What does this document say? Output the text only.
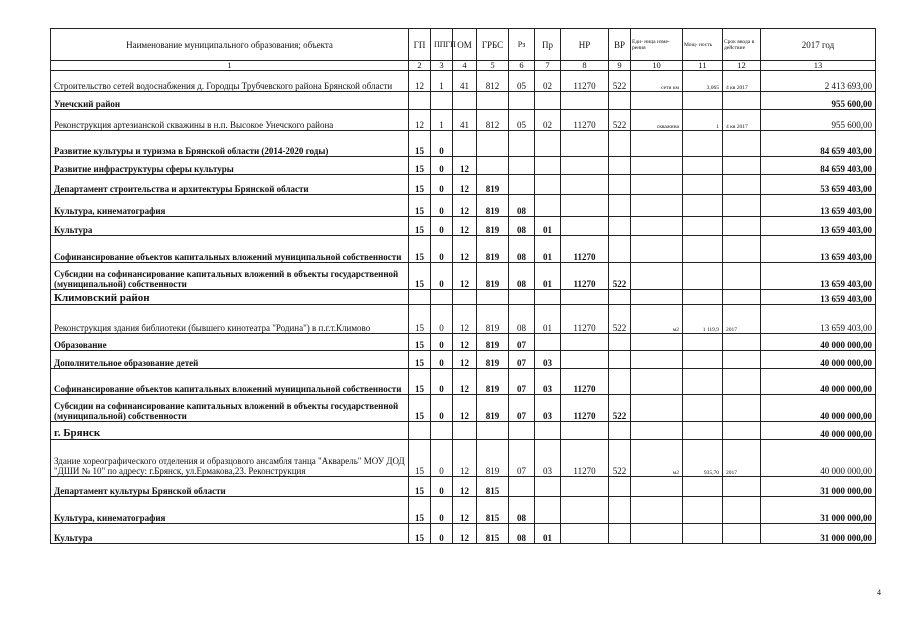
Наименование муниципального образования; объекта	ГП	ППГП	ОМ	ГРБС	Рз	Пр	НР	ВР	Еди- ница изме- рения	Мощ- ность	Срок ввода в действие	2017 год
1	2	3	4	5	6	7	8	9	10	11	12	13
Строительство сетей водоснабжения д. Городцы Трубчевского района Брянской области	12	1	41	812	05	02	11270	522	сети км	3,065	4 кв 2017	2 413 693,00
Унечский район												955 600,00
Реконструкция артезианской скважины в н.п. Высокое Унечского района	12	1	41	812	05	02	11270	522	скважина	1	4 кв 2017	955 600,00
Развитие культуры и туризма в Брянской области (2014-2020 годы)	15	0										84 659 403,00
Развитие инфраструктуры сферы культуры	15	0	12									84 659 403,00
Департамент строительства и архитектуры Брянской области	15	0	12	819								53 659 403,00
Культура, кинематография	15	0	12	819	08							13 659 403,00
Культура	15	0	12	819	08	01						13 659 403,00
Софинансирование объектов капитальных вложений муниципальной собственности	15	0	12	819	08	01	11270					13 659 403,00
Субсидии на софинансирование капитальных вложений в объекты государственной (муниципальной) собственности	15	0	12	819	08	01	11270	522				13 659 403,00
Климовский район												13 659 403,00
Реконструкция здания библиотеки (бывшего кинотеатра "Родина") в п.г.т.Климово	15	0	12	819	08	01	11270	522	м2	1 119,9	2017	13 659 403,00
Образование	15	0	12	819	07							40 000 000,00
Дополнительное образование детей	15	0	12	819	07	03						40 000 000,00
Софинансирование объектов капитальных вложений муниципальной собственности	15	0	12	819	07	03	11270					40 000 000,00
Субсидии на софинансирование капитальных вложений в объекты государственной (муниципальной) собственности	15	0	12	819	07	03	11270	522				40 000 000,00
г. Брянск												40 000 000,00
Здание хореографического отделения и образцового ансамбля танца "Акварель" МОУ ДОД "ДШИ № 10" по адресу: г.Брянск, ул.Ермакова,23. Реконструкция	15	0	12	819	07	03	11270	522	м2	935,70	2017	40 000 000,00
Департамент культуры Брянской области	15	0	12	815								31 000 000,00
Культура, кинематография	15	0	12	815	08							31 000 000,00
Культура	15	0	12	815	08	01						31 000 000,00
4
